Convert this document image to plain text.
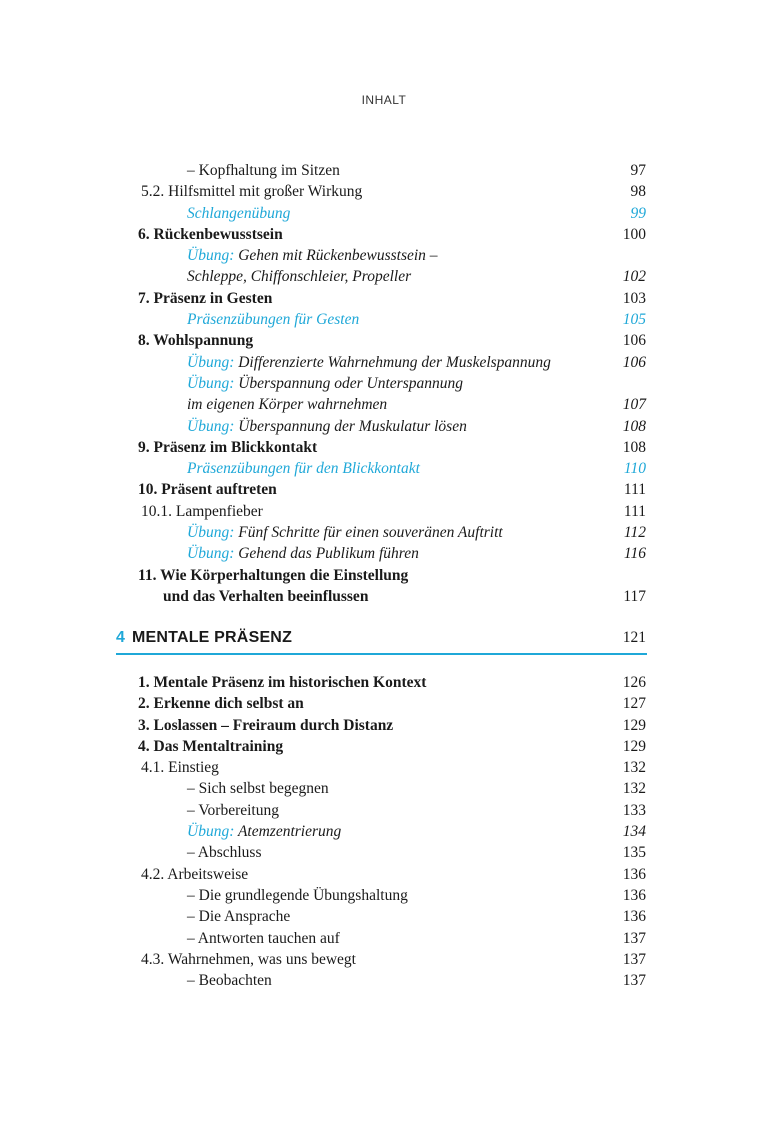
INHALT
– Kopfhaltung im Sitzen	97
5.2. Hilfsmittel mit großer Wirkung	98
Schlangenübung	99
6. Rückenbewusstsein	100
Übung: Gehen mit Rückenbewusstsein –
Schleppe, Chiffonschleier, Propeller	102
7. Präsenz in Gesten	103
Präsenzübungen für Gesten	105
8. Wohlspannung	106
Übung: Differenzierte Wahrnehmung der Muskelspannung	106
Übung: Überspannung oder Unterspannung
im eigenen Körper wahrnehmen	107
Übung: Überspannung der Muskulatur lösen	108
9. Präsenz im Blickkontakt	108
Präsenzübungen für den Blickkontakt	110
10. Präsent auftreten	111
10.1. Lampenfieber	111
Übung: Fünf Schritte für einen souveränen Auftritt	112
Übung: Gehend das Publikum führen	116
11. Wie Körperhaltungen die Einstellung
und das Verhalten beeinflussen	117
4 MENTALE PRÄSENZ	121
1. Mentale Präsenz im historischen Kontext	126
2. Erkenne dich selbst an	127
3. Loslassen – Freiraum durch Distanz	129
4. Das Mentaltraining	129
4.1. Einstieg	132
– Sich selbst begegnen	132
– Vorbereitung	133
Übung: Atemzentrierung	134
– Abschluss	135
4.2. Arbeitsweise	136
– Die grundlegende Übungshaltung	136
– Die Ansprache	136
– Antworten tauchen auf	137
4.3. Wahrnehmen, was uns bewegt	137
– Beobachten	137
